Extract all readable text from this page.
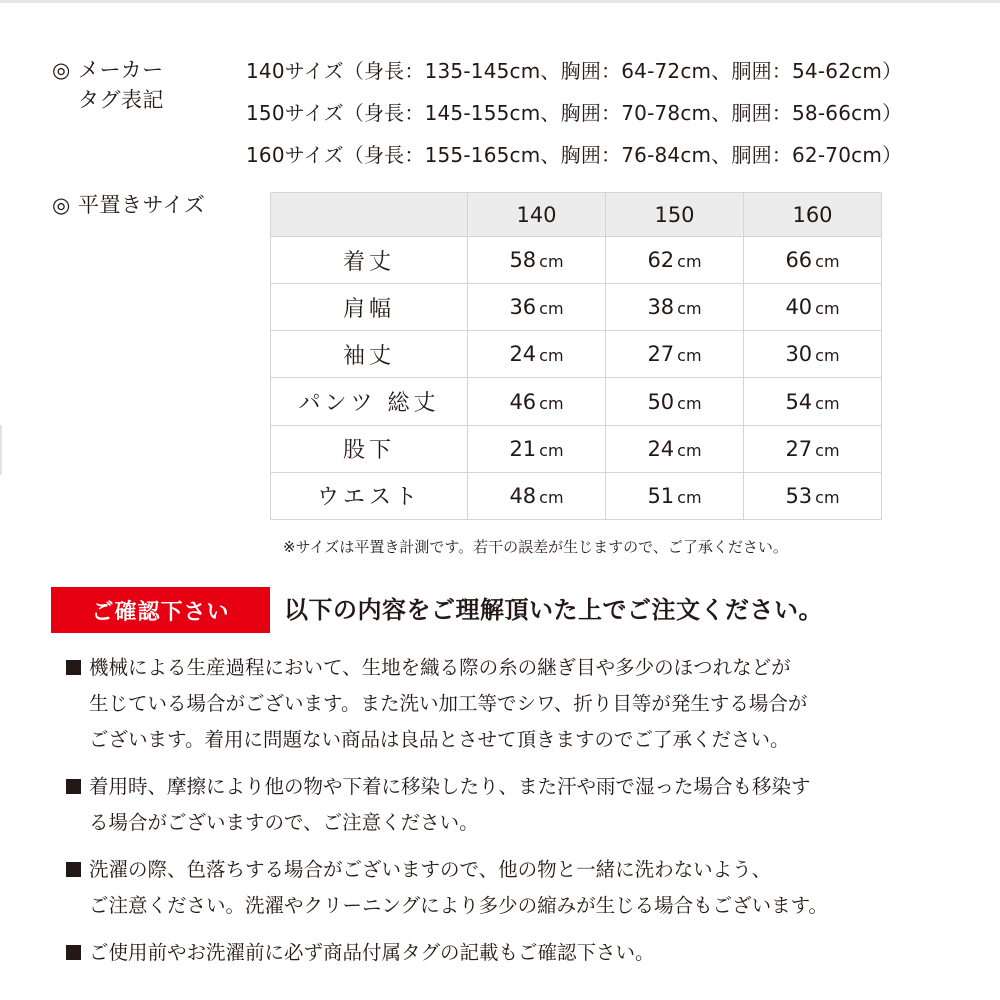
◎ メーカー
タグ表記
140サイズ（身長：135-145cm、胸囲：64-72cm、胴囲：54-62cm）
150サイズ（身長：145-155cm、胸囲：70-78cm、胴囲：58-66cm）
160サイズ（身長：155-165cm、胸囲：76-84cm、胴囲：62-70cm）
◎ 平置きサイズ
		140	150	160
着丈	58 cm	62 cm	66 cm
肩幅	36 cm	38 cm	40 cm
袖丈	24 cm	27 cm	30 cm
パンツ 総丈	46 cm	50 cm	54 cm
股下	21 cm	24 cm	27 cm
ウエスト	48 cm	51 cm	53 cm
※サイズは平置き計測です。若干の誤差が生じますので、ご了承ください。
ご確認下さい	以下の内容をご理解頂いた上でご注文ください。
機械による生産過程において、生地を織る際の糸の継ぎ目や多少のほつれなどが
生じている場合がございます。また洗い加工等でシワ、折り目等が発生する場合が
ございます。着用に問題ない商品は良品とさせて頂きますのでご了承ください。
着用時、摩擦により他の物や下着に移染したり、また汗や雨で湿った場合も移染す
る場合がございますので、ご注意ください。
洗濯の際、色落ちする場合がございますので、他の物と一緒に洗わないよう、
ご注意ください。洗濯やクリーニングにより多少の縮みが生じる場合もございます。
ご使用前やお洗濯前に必ず商品付属タグの記載もご確認下さい。
